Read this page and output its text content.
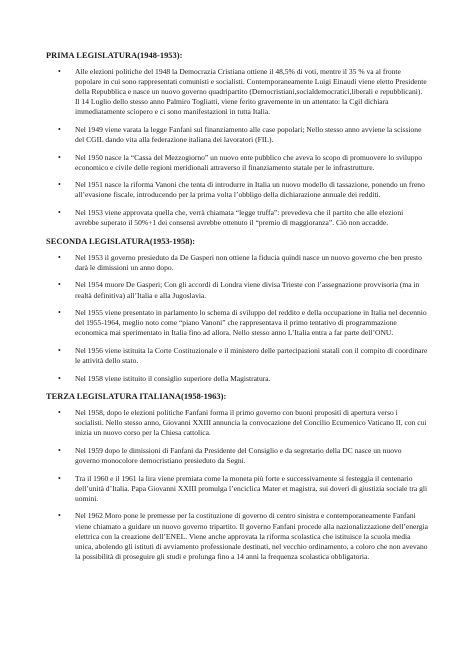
PRIMA LEGISLATURA(1948-1953):
• Alle elezioni politiche del 1948 la Democrazia Cristiana ottiene il 48,5% di voti, mentre il 35 % va al fronte popolare in cui sono rappresentati comunisti e socialisti. Contemporaneamente Luigi Einaudi viene eletto Presidente della Repubblica e nasce un nuovo governo quadripartito (Democristiani,socialdemocratici,liberali e repubblicani). Il 14 Luglio dello stesso anno Palmiro Togliatti, viene ferito gravemente in un attentato: la Cgil dichiara immediatamente sciopero e ci sono manifestazioni in tutta Italia.
• Nel 1949 viene varata la legge Fanfani sul finanziamento alle case popolari; Nello stesso anno avviene la scissione del CGIL dando vita alla federazione italiana dei lavoratori (FIL).
• Nel 1950 nasce la “Cassa del Mezzogiorno” un nuovo ente pubblico che aveva lo scopo di promuovere lo sviluppo economico e civile delle regioni meridionali attraverso il finanziamento statale per le infrastrutture.
• Nel 1951 nasce la riforma Vanoni che tenta di introdurre in Italia un nuovo modello di tassazione, ponendo un freno all’evasione fiscale, introducendo per la prima volta l’obbligo della dichiarazione annuale dei redditi.
• Nel 1953 viene approvata quella che, verrà chiamata “legge truffa”: prevedeva che il partito che alle elezioni avrebbe superato il 50%+1 dei consensi avrebbe ottenuto il “premio di maggioranza”. Ciò non accadde.
SECONDA LEGISLATURA(1953-1958):
• Nel 1953 il governo presieduto da De Gasperi non ottiene la fiducia quindi nasce un nuovo governo che ben presto darà le dimissioni un anno dopo.
• Nel 1954 muore De Gasperi; Con gli accordi di Londra viene divisa Trieste con l’assegnazione provvisoria (ma in realtà definitiva) all’Italia e alla Jugoslavia.
• Nel 1955 viene presentato in parlamento lo schema di sviluppo del reddito e della occupazione in Italia nel decennio del 1955-1964, meglio noto come “piano Vanoni” che rappresentava il primo tentativo di programmazione economica mai sperimentato in Italia fino ad allora. Nello stesso anno L’Italia entra a far parte dell’ONU.
• Nel 1956 viene istituita la Corte Costituzionale e il ministero delle partecipazioni statali con il compito di coordinare le attività dello stato.
• Nel 1958 viene istituito il consiglio superiore della Magistratura.
TERZA LEGISLATURA ITALIANA(1958-1963):
• Nel 1958, dopo le elezioni politiche Fanfani forma il primo governo con buoni propositi di apertura verso i socialisti. Nello stesso anno, Giovanni XXIII annuncia la convocazione del Concilio Ecumenico Vaticano II, con cui inizia un nuovo corso per la Chiesa cattolica.
• Nel 1959 dopo le dimissioni di Fanfani da Presidente del Consiglio e da segretario della DC nasce un nuovo governo monocolore democristiano presieduto da Segni.
• Tra il 1960 e il 1961 la lira viene premiata come la moneta più forte e successivamente si festeggia il centenario dell’unità d’Italia. Papa Giovanni XXIII promulga l’enciclica Mater et magistra, sui doveri di giustizia sociale tra gli uomini.
• Nel 1962 Moro pone le premesse per la costituzione di governo di centro sinistra e contemporaneamente Fanfani viene chiamato a guidare un nuovo governo tripartito. Il governo Fanfani procede alla nazionalizzazione dell’energia elettrica con la creazione dell’ENEL. Viene anche approvata la riforma scolastica che istituisce la scuola media unica, abolendo gli istituti di avviamento professionale destinati, nel vecchio ordinamento, a coloro che non avevano la possibilità di proseguire gli studi e prolunga fino a 14 anni la frequenza scolastica obbligatoria.
